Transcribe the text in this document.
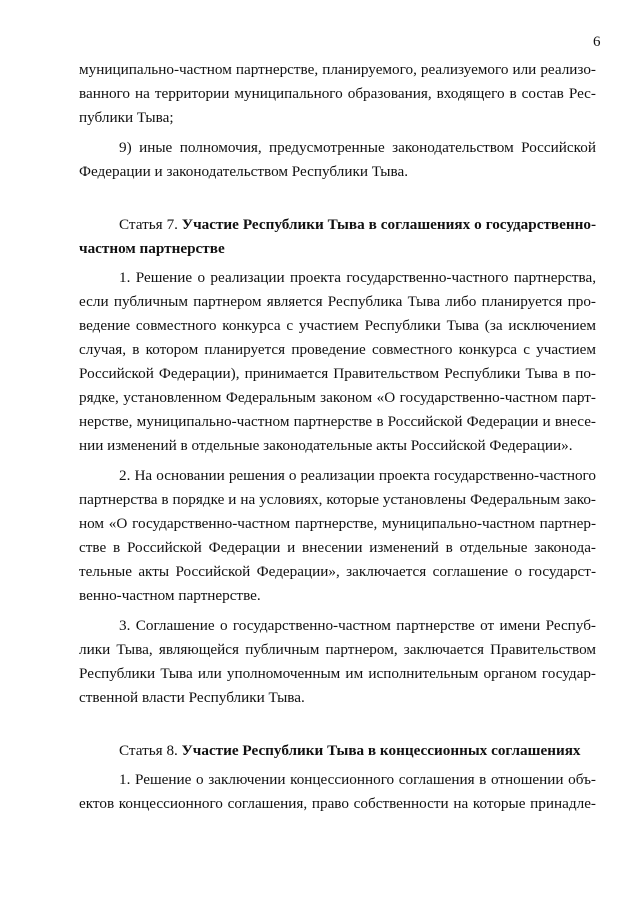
6
муниципально-частном партнерстве, планируемого, реализуемого или реализо-
ванного на территории муниципального образования, входящего в состав Рес-
публики Тыва;
9) иные полномочия, предусмотренные законодательством Российской
Федерации и законодательством Республики Тыва.
Статья 7. Участие Республики Тыва в соглашениях о государственно-
частном партнерстве
1. Решение о реализации проекта государственно-частного партнерства,
если публичным партнером является Республика Тыва либо планируется про-
ведение совместного конкурса с участием Республики Тыва (за исключением
случая, в котором планируется проведение совместного конкурса с участием
Российской Федерации), принимается Правительством Республики Тыва в по-
рядке, установленном Федеральным законом «О государственно-частном парт-
нерстве, муниципально-частном партнерстве в Российской Федерации и внесе-
нии изменений в отдельные законодательные акты Российской Федерации».
2. На основании решения о реализации проекта государственно-частного
партнерства в порядке и на условиях, которые установлены Федеральным зако-
ном «О государственно-частном партнерстве, муниципально-частном партнер-
стве в Российской Федерации и внесении изменений в отдельные законода-
тельные акты Российской Федерации», заключается соглашение о государст-
венно-частном партнерстве.
3. Соглашение о государственно-частном партнерстве от имени Респуб-
лики Тыва, являющейся публичным партнером, заключается Правительством
Республики Тыва или уполномоченным им исполнительным органом государ-
ственной власти Республики Тыва.
Статья 8. Участие Республики Тыва в концессионных соглашениях
1. Решение о заключении концессионного соглашения в отношении объ-
ектов концессионного соглашения, право собственности на которые принадле-
